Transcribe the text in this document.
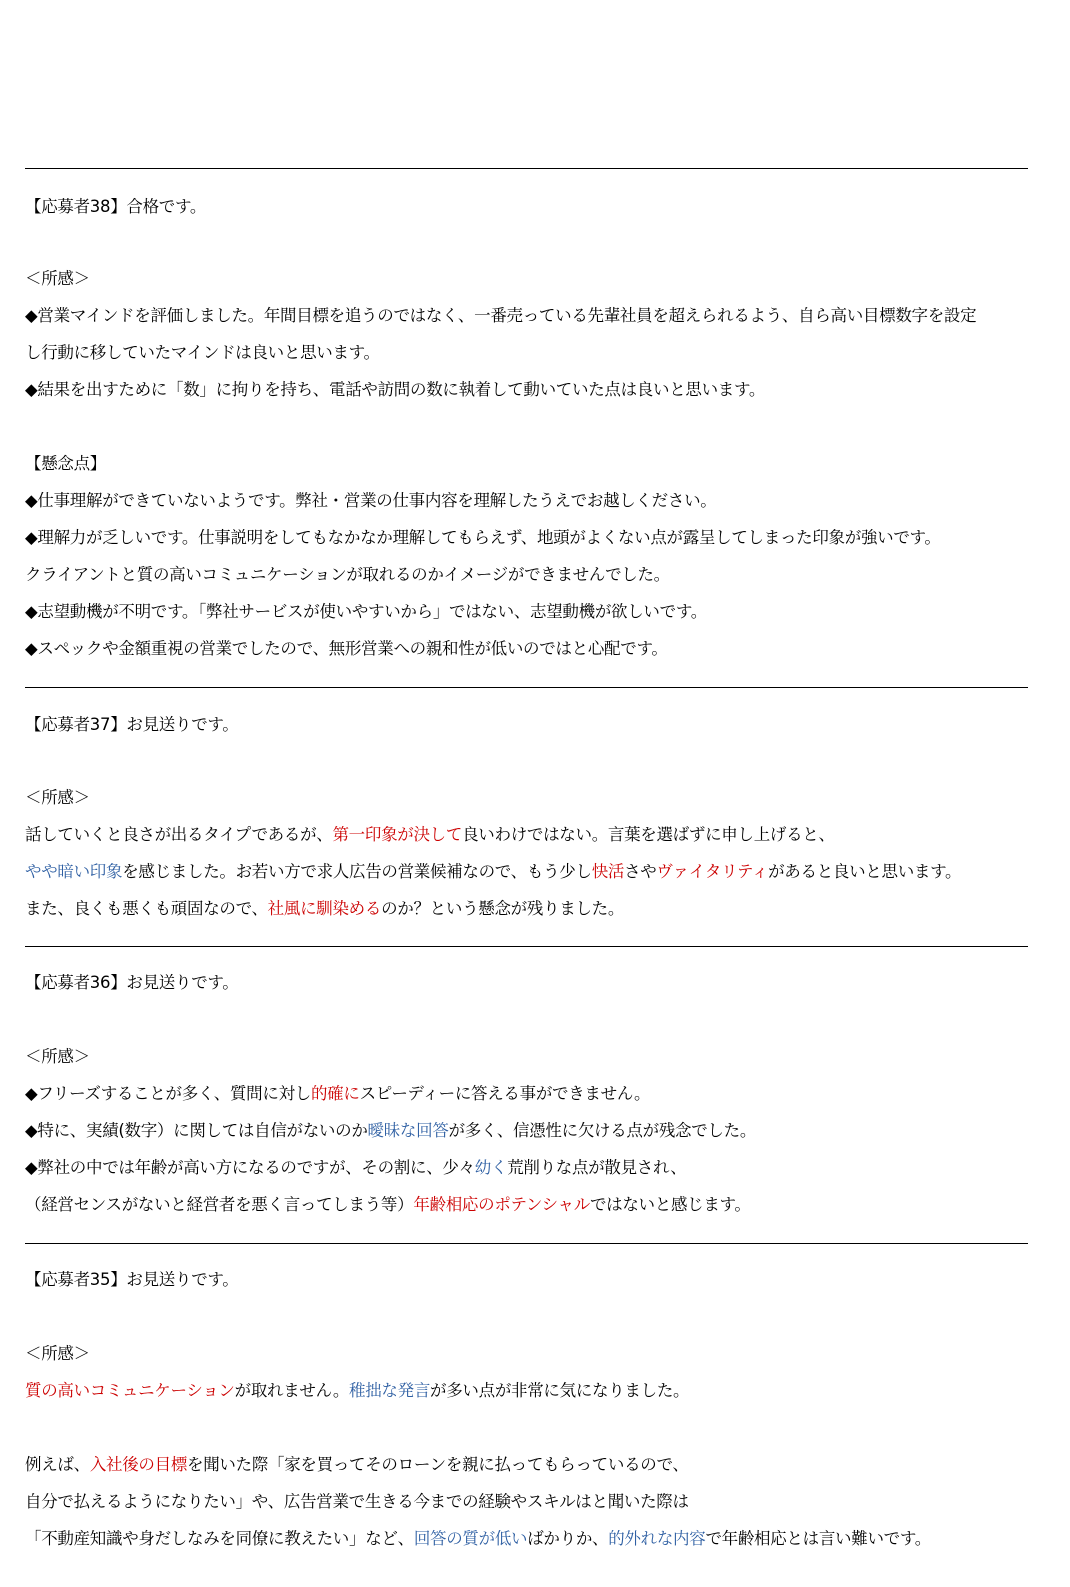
【応募者38】合格です。
＜所感＞
◆営業マインドを評価しました。年間目標を追うのではなく、一番売っている先輩社員を超えられるよう、自ら高い目標数字を設定
し行動に移していたマインドは良いと思います。
◆結果を出すために「数」に拘りを持ち、電話や訪問の数に執着して動いていた点は良いと思います。
【懸念点】
◆仕事理解ができていないようです。弊社・営業の仕事内容を理解したうえでお越しください。
◆理解力が乏しいです。仕事説明をしてもなかなか理解してもらえず、地頭がよくない点が露呈してしまった印象が強いです。
クライアントと質の高いコミュニケーションが取れるのかイメージができませんでした。
◆志望動機が不明です。「弊社サービスが使いやすいから」ではない、志望動機が欲しいです。
◆スペックや金額重視の営業でしたので、無形営業への親和性が低いのではと心配です。
【応募者37】お見送りです。
＜所感＞
話していくと良さが出るタイプであるが、第一印象が決して良いわけではない。言葉を選ばずに申し上げると、
やや暗い印象を感じました。お若い方で求人広告の営業候補なので、もう少し快活さやヴァイタリティがあると良いと思います。
また、良くも悪くも頑固なので、社風に馴染めるのか？という懸念が残りました。
【応募者36】お見送りです。
＜所感＞
◆フリーズすることが多く、質問に対し的確にスピーディーに答える事ができません。
◆特に、実績(数字）に関しては自信がないのか曖昧な回答が多く、信憑性に欠ける点が残念でした。
◆弊社の中では年齢が高い方になるのですが、その割に、少々幼く荒削りな点が散見され、
（経営センスがないと経営者を悪く言ってしまう等）年齢相応のポテンシャルではないと感じます。
【応募者35】お見送りです。
＜所感＞
質の高いコミュニケーションが取れません。稚拙な発言が多い点が非常に気になりました。
例えば、入社後の目標を聞いた際「家を買ってそのローンを親に払ってもらっているので、
自分で払えるようになりたい」や、広告営業で生きる今までの経験やスキルはと聞いた際は
「不動産知識や身だしなみを同僚に教えたい」など、回答の質が低いばかりか、的外れな内容で年齢相応とは言い難いです。
